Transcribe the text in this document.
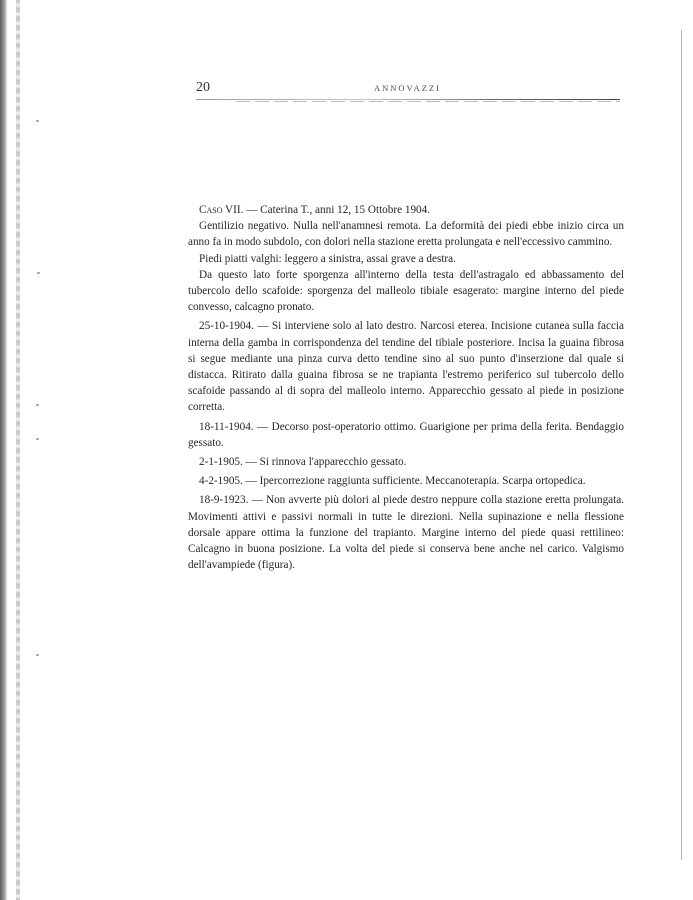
20	ANNOVAZZI

Caso VII. — Caterina T., anni 12, 15 Ottobre 1904.

Gentilizio negativo. Nulla nell'anamnesi remota. La deformità dei piedi ebbe inizio circa un anno fa in modo subdolo, con dolori nella stazione eretta prolungata e nell'eccessivo cammino.

Piedi piatti valghi: leggero a sinistra, assai grave a destra.

Da questo lato forte sporgenza all'interno della testa dell'astragalo ed abbassamento del tubercolo dello scafoide: sporgenza del malleolo tibiale esagerato: margine interno del piede convesso, calcagno pronato.

25-10-1904. — Si interviene solo al lato destro. Narcosi eterea. Incisione cutanea sulla faccia interna della gamba in corrispondenza del tendine del tibiale posteriore. Incisa la guaina fibrosa si segue mediante una pinza curva detto tendine sino al suo punto d'inserzione dal quale si distacca. Ritirato dalla guaina fibrosa se ne trapianta l'estremo periferico sul tubercolo dello scafoide passando al di sopra del malleolo interno. Apparecchio gessato al piede in posizione corretta.

18-11-1904. — Decorso post-operatorio ottimo. Guarigione per prima della ferita. Bendaggio gessato.

2-1-1905. — Si rinnova l'apparecchio gessato.

4-2-1905. — Ipercorrezione raggiunta sufficiente. Meccanoterapia. Scarpa ortopedica.

18-9-1923. — Non avverte più dolori al piede destro neppure colla stazione eretta prolungata. Movimenti attivi e passivi normali in tutte le direzioni. Nella supinazione e nella flessione dorsale appare ottima la funzione del trapianto. Margine interno del piede quasi rettilineo: Calcagno in buona posizione. La volta del piede si conserva bene anche nel carico. Valgismo dell'avampiede (figura).
